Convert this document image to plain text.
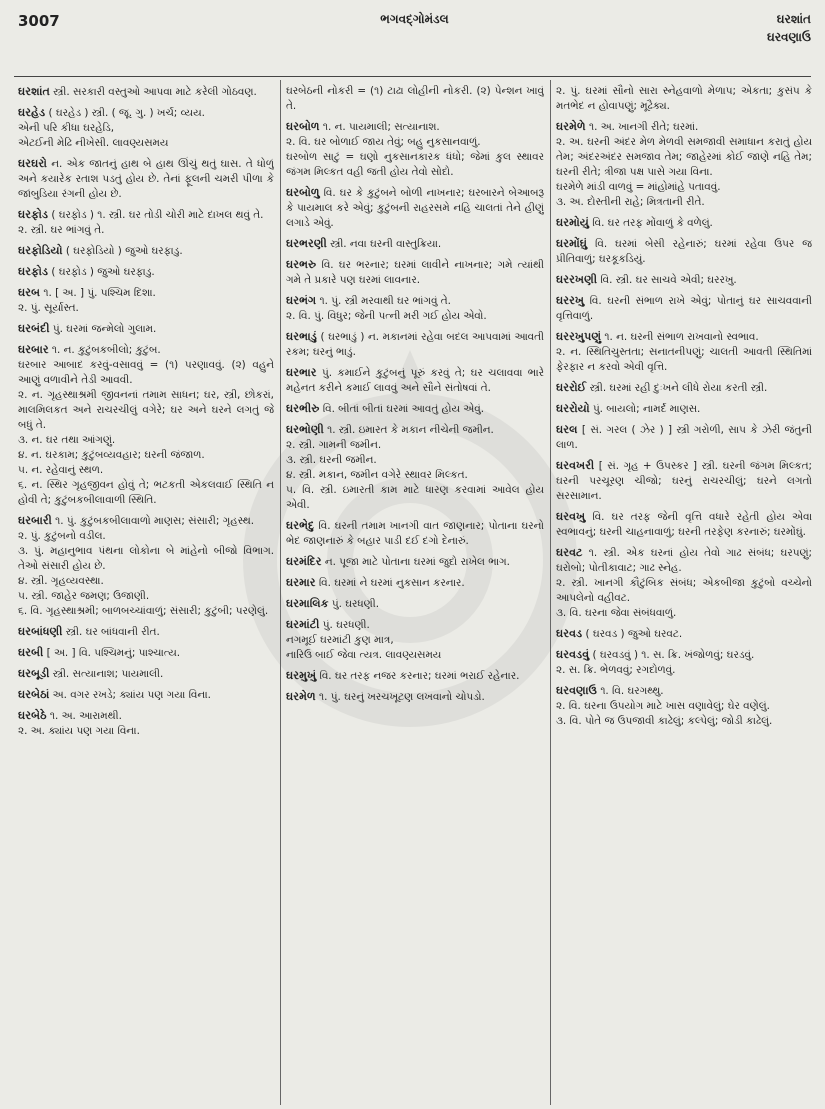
3007	ભગવદ્ગોમંડલ	ઘરશાંત
ઘરવણાઉ
ઘરશાંત સ્ત્રી. સરકારી વસ્તુઓ આપવા માટે કરેલી ગોઠવણ.
ઘરહેડ ( ઘરહેડ ) સ્ત્રી. ( જૂ. ગુ. ) ખર્ચ; વ્યય.
એની પરિ કીધા ઘરહેડિ,
એટઈની મેઢિ નીખેસી. લાવણ્યસમય
ઘરઘરો ન. એક જાતનું હાથ બે હાથ ઊંચું થતું ઘાસ. તે ધોળું અને કયારેક રતાશ પડતું હોય છે. તેનાં ફૂલની ચમરી પીળા કે જાંબુડિયા રંગની હોય છે.
ઘરફોડ ( ઘરફોડ ) ૧. સ્ત્રી. ઘર તોડી ચોરી માટે દાખલ થવું તે.
૨. સ્ત્રી. ઘર ભાંગવું તે.
ઘરફોડિયો ( ઘરફોડિયો ) જુઓ ઘરફાડુ.
ઘરફોડ ( ઘરફોડ ) જુઓ ઘરફાડુ.
ઘરબ ૧. [ અ. ] પું. પશ્ચિમ દિશા.
૨. પું. સૂર્યાસ્ત.
ઘરબંદી પું. ઘરમાં જન્મેલો ગુલામ.
ઘરબાર ૧. ન. કુટુંબકબીલો; કુટુંબ.
ઘરબાર આબાદ કરવું-વસાવવું = (૧) પરણાવવું. (૨) વહુને આણું વળાવીને તેડી આવવી.
૨. ન. ગૃહસ્થાશ્રમી જીવનનાં તમામ સાધન; ઘર, સ્ત્રી, છોકરાં, માલમિલકત અને રાચરચીલું વગેરે; ઘર અને ઘરને લગતું જે બધું તે.
૩. ન. ઘર તથા આંગણું.
૪. ન. ઘરકામ; કુટુંબવ્યવહાર; ઘરની જંજાળ.
૫. ન. રહેવાનું સ્થળ.
૬. ન. સ્થિર ગૃહજીવન હોવું તે; ભટકતી એકલવાઈ સ્થિતિ ન હોવી તે; કુટુંબકબીલાવાળી સ્થિતિ.
ઘરબારી ૧. પું. કુટુંબકબીલાવાળો માણસ; સંસારી; ગૃહસ્થ.
૨. પું. કુટુંબનો વડીલ.
૩. પું. મહાનુભાવ પંથના લોકોના બે માંહેનો બીજો વિભાગ. તેઓ સંસારી હોય છે.
૪. સ્ત્રી. ગૃહવ્યવસ્થા.
૫. સ્ત્રી. જાહેર જમણ; ઉજાણી.
૬. વિ. ગૃહસ્થાશ્રમી; બાળબચ્ચાંવાળું; સંસારી; કુટુંબી; પરણેલું.
ઘરબાંધણી સ્ત્રી. ઘર બાંધવાની રીત.
ઘરબી [ અ. ] વિ. પશ્ચિમનું; પાશ્ચાત્ય.
ઘરબૂડી સ્ત્રી. સત્યાનાશ; પાયમાલી.
ઘરબેઠાં અ. વગર રખડે; ક્યાંય પણ ગયા વિના.
ઘરબેઠે ૧. અ. આરામથી.
૨. અ. ક્યાંય પણ ગયા વિના.
ઘરબેઠની નોકરી = (૧) ટાઢા લોહીની નોકરી. (૨) પેન્શન ખાવું તે.
ઘરબોળ ૧. ન. પાયમાલી; સત્યાનાશ.
૨. વિ. ઘર બોળાઈ જાય તેવું; બહુ નુકસાનવાળું.
ઘરબોળ સાટું = ઘણો નુકસાનકારક ધંધો; જેમાં કુલ સ્થાવર જંગમ મિલ્કત વહી જતી હોય તેવો સોદો.
ઘરબોળુ વિ. ઘર કે કુટુંબને બોળી નાખનાર; ઘરબારને બેઆબરૂ કે પાયમાલ કરે એવું; કુટુંબની રાહરસમે નહિ ચાલતાં તેને હીણું લગાડે એવું.
ઘરભરણી સ્ત્રી. નવા ઘરની વાસ્તુક્રિયા.
ઘરભરુ વિ. ઘર ભરનાર; ઘરમાં લાવીને નાખનાર; ગમે ત્યાંથી ગમે તે પ્રકારે પણ ઘરમાં લાવનાર.
ઘરભંગ ૧. પું. સ્ત્રી મરવાથી ઘર ભાંગવું તે.
૨. વિ. પું. વિધુર; જેની પત્ની મરી ગઈ હોય એવો.
ઘરભાડું ( ઘરભાડું ) ન. મકાનમાં રહેવા બદલ આપવામાં આવતી રકમ; ઘરનું ભાડું.
ઘરભાર પું. કમાઈને કુટુંબનું પૂરું કરવું તે; ઘર ચલાવવા ભારે મહેનત કરીને કમાઈ લાવવું અને સૌને સંતોષવાં તે.
ઘરભીરુ વિ. બીતાં બીતાં ઘરમાં આવતું હોય એવું.
ઘરભોણી ૧. સ્ત્રી. ઇમારત કે મકાન નીચેની જમીન.
૨. સ્ત્રી. ગામની જમીન.
૩. સ્ત્રી. ઘરની જમીન.
૪. સ્ત્રી. મકાન, જમીન વગેરે સ્થાવર મિલ્કત.
૫. વિ. સ્ત્રી. ઇમારતી કામ માટે ધારણ કરવામાં આવેલ હોય એવી.
ઘરભેદુ વિ. ઘરની તમામ ખાનગી વાત જાણનાર; પોતાના ઘરનો ભેદ જાણનારું કે બહાર પાડી દઈ દગો દેનારું.
ઘરમંદિર ન. પૂજા માટે પોતાના ઘરમાં જુદો રાખેલ ભાગ.
ઘરમાર વિ. ઘરમાં ને ઘરમાં નુકસાન કરનાર.
ઘરમાલિક પું. ઘરધણી.
ઘરમાંટી પું. ઘરધણી.
નગમૂઈ ઘરમાંટી કુણ માત્ર,
નારિઉ બાઈ જેવા ત્યત્ર. લાવણ્યસમય
ઘરમુખું વિ. ઘર તરફ નજર કરનાર; ઘરમાં ભરાઈ રહેનાર.
ઘરમેળ ૧. પું. ઘરનું ખરચખૂટણ લખવાનો ચોપડો.
૨. પું. ઘરમાં સૌનો સારા સ્નેહવાળો મેળાપ; એકતા; કુસંપ કે મતભેદ ન હોવાપણું; મૂઢૈક્ય.
ઘરમેળે ૧. અ. ખાનગી રીતે; ઘરમાં.
૨. અ. ઘરની અંદર મેળ મેળવી સમજાવી સમાધાન કરાતું હોય તેમ; અંદરઅંદર સમજાવ તેમ; જાહેરમાં કોઈ જાણે નહિ તેમ; ઘરની રીતે; ત્રીજા પક્ષ પાસે ગયા વિના.
ઘરમેળે માંડી વાળવું = માંહોમાંહે પતાવવું.
૩. અ. દોસ્તીની રાહે; મિત્રતાની રીતે.
ઘરમોયું વિ. ઘર તરફ મોંવાળું કે વળેલું.
ઘરમોંઘું વિ. ઘરમાં બેસી રહેનારું; ઘરમાં રહેવા ઉપર જ પ્રીતિવાળું; ઘરકૂકડિયું.
ઘરરખણી વિ. સ્ત્રી. ઘર સાચવે એવી; ઘરરખુ.
ઘરરખુ વિ. ઘરની સંભાળ રાખે એવું; પોતાનું ઘર સાચવવાની વૃત્તિવાળું.
ઘરરખુપણું ૧. ન. ઘરની સંભાળ રાખવાનો સ્વભાવ.
૨. ન. સ્થિતિચુસ્તતા; સનાતનીપણું; ચાલતી આવતી સ્થિતિમાં ફેરફાર ન કરવો એવી વૃત્તિ.
ઘરરોઈ સ્ત્રી. ઘરમાં રહી દુઃખને લીધે રોયા કરતી સ્ત્રી.
ઘરરોયો પું. બાયલો; નામર્દ માણસ.
ઘરલ [ સં. ગરલ ( ઝેર ) ] સ્ત્રી ગરોળી, સાપ કે ઝેરી જંતુની લાળ.
ઘરવખરી [ સં. ગૃહ + ઉપસ્કર ] સ્ત્રી. ઘરની જંગમ મિલ્કત; ઘરની પરચૂરણ ચીજો; ઘરનું રાચરચીલું; ઘરને લગતો સરસામાન.
ઘરવખુ વિ. ઘર તરફ જેની વૃત્તિ વધારે રહેતી હોય એવા સ્વભાવનું; ઘરની ચાહનાવાળું; ઘરની તરફેણ કરનારું; ઘરમોંઘું.
ઘરવટ ૧. સ્ત્રી. એક ઘરનાં હોય તેવો ગાઢ સંબંધ; ઘરપણું; ઘરોબો; પોતીકાવાટ; ગાઢ સ્નેહ.
૨. સ્ત્રી. ખાનગી કૌટુંબિક સંબંધ; એકબીજા કુટુંબો વચ્ચેનો આપલેનો વહીવટ.
૩. વિ. ઘરના જેવા સંબંધવાળું.
ઘરવડ ( ઘરવડ ) જુઓ ઘરવટ.
ઘરવડવું ( ઘરવડવું ) ૧. સ. ક્રિ. ખંજોળવું; ઘરડવું.
૨. સ. ક્રિ. ભેળવવું; રગદોળવું.
ઘરવણાઉ ૧. વિ. ઘરગથ્થુ.
૨. વિ. ઘરના ઉપયોગ માટે ખાસ વણાવેલું; ઘેર વણેલું.
૩. વિ. પોતે જ ઉપજાવી કાઢેલું; કલ્પેલું; જોડી કાઢેલું.
